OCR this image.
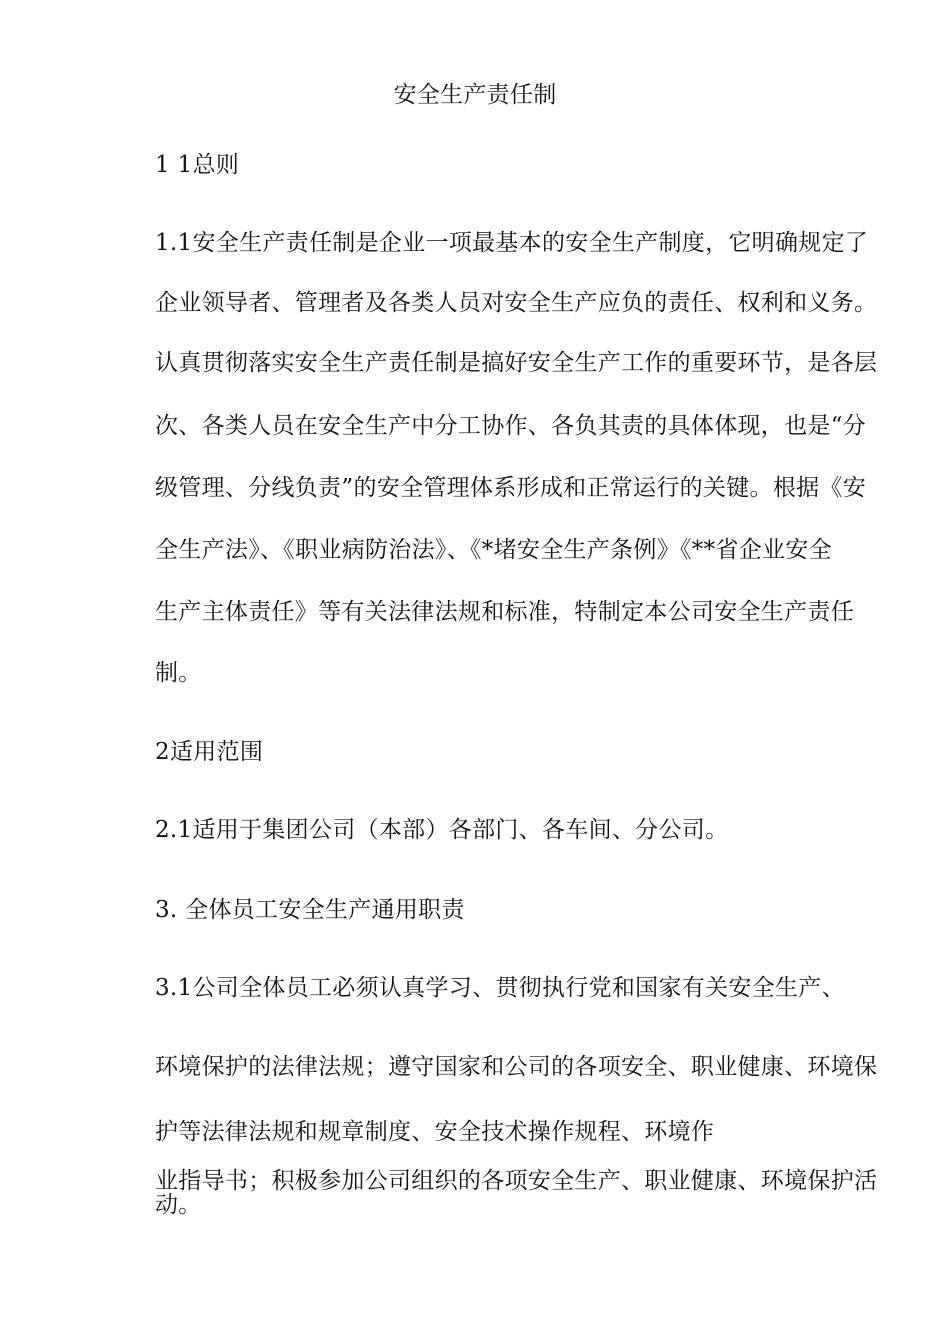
安全生产责任制
1 1总则
1.1安全生产责任制是企业一项最基本的安全生产制度，它明确规定了
企业领导者、管理者及各类人员对安全生产应负的责任、权利和义务。
认真贯彻落实安全生产责任制是搞好安全生产工作的重要环节，是各层
次、各类人员在安全生产中分工协作、各负其责的具体体现，也是“分
级管理、分线负责”的安全管理体系形成和正常运行的关键。根据《安
全生产法》、《职业病防治法》、《*堵安全生产条例》《**省企业安全
生产主体责任》等有关法律法规和标准，特制定本公司安全生产责任
制。
2适用范围
2.1适用于集团公司（本部）各部门、各车间、分公司。
3. 全体员工安全生产通用职责
3.1公司全体员工必须认真学习、贯彻执行党和国家有关安全生产、
环境保护的法律法规；遵守国家和公司的各项安全、职业健康、环境保
护等法律法规和规章制度、安全技术操作规程、环境作
业指导书；积极参加公司组织的各项安全生产、职业健康、环境保护活
动。
